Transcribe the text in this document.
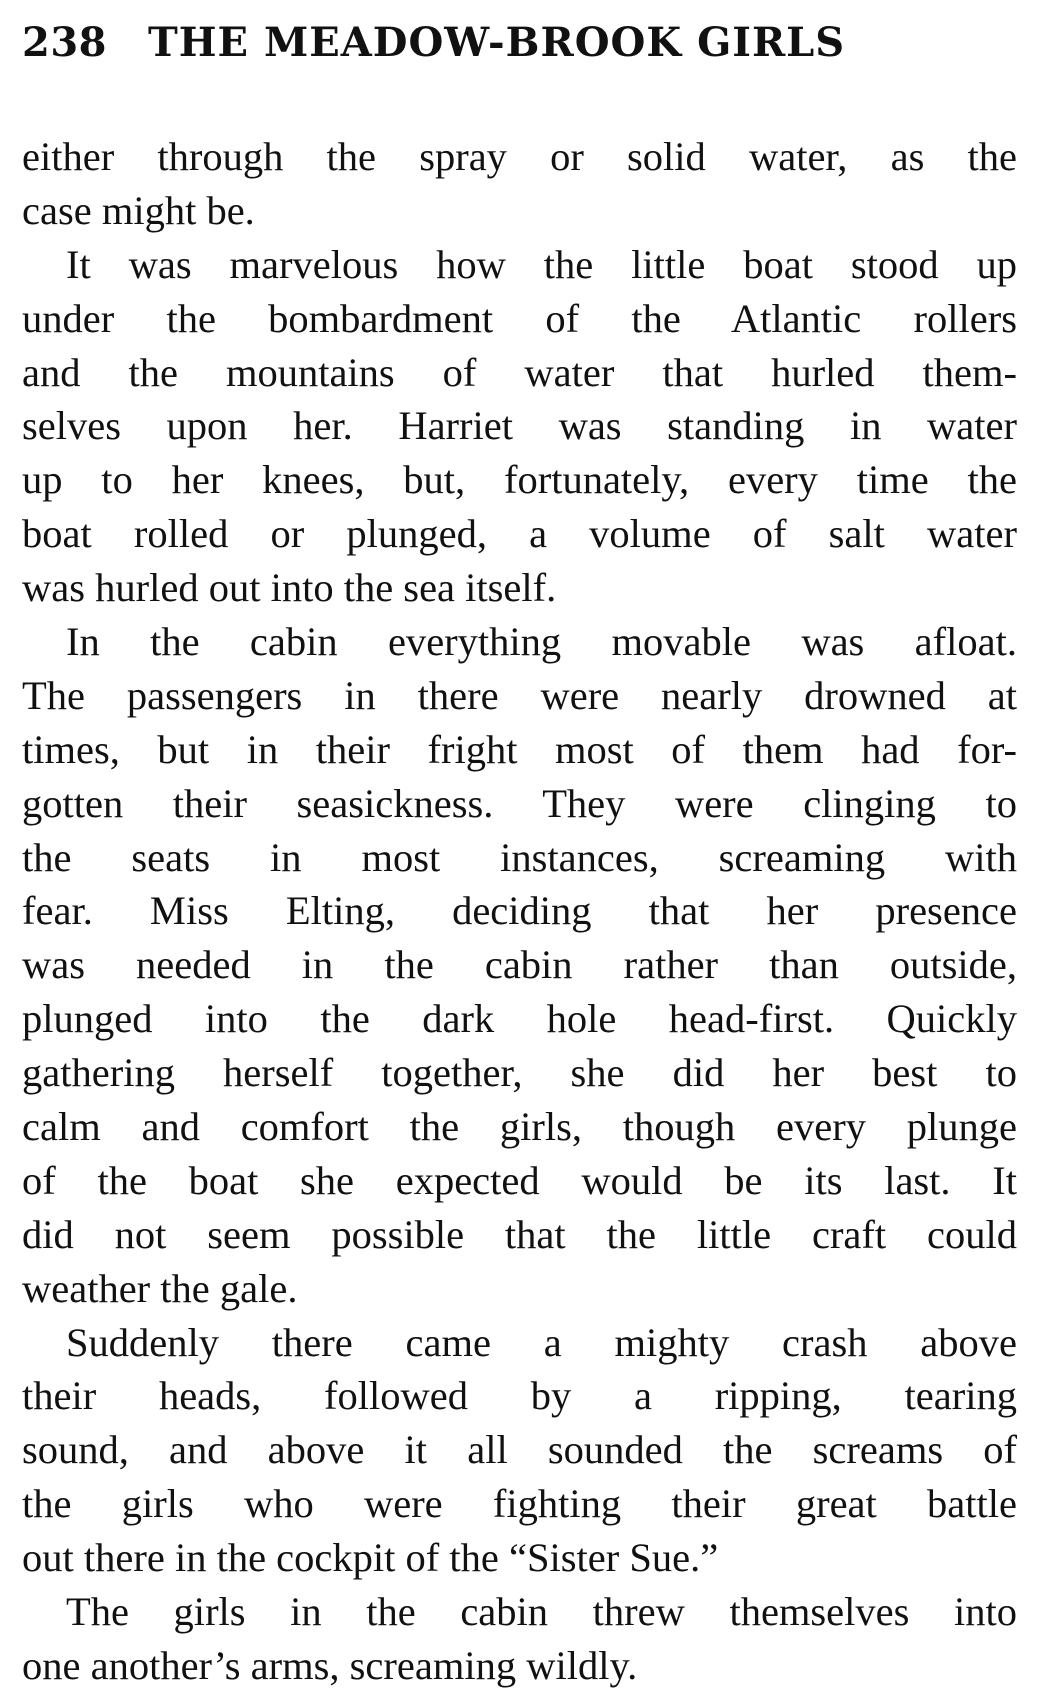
238	THE MEADOW-BROOK GIRLS

either through the spray or solid water, as the
case might be.

It was marvelous how the little boat stood up
under the bombardment of the Atlantic rollers
and the mountains of water that hurled them-
selves upon her. Harriet was standing in water
up to her knees, but, fortunately, every time the
boat rolled or plunged, a volume of salt water
was hurled out into the sea itself.

In the cabin everything movable was afloat.
The passengers in there were nearly drowned at
times, but in their fright most of them had for-
gotten their seasickness. They were clinging to
the seats in most instances, screaming with
fear. Miss Elting, deciding that her presence
was needed in the cabin rather than outside,
plunged into the dark hole head-first. Quickly
gathering herself together, she did her best to
calm and comfort the girls, though every plunge
of the boat she expected would be its last. It
did not seem possible that the little craft could
weather the gale.

Suddenly there came a mighty crash above
their heads, followed by a ripping, tearing
sound, and above it all sounded the screams of
the girls who were fighting their great battle
out there in the cockpit of the “Sister Sue.”

The girls in the cabin threw themselves into
one another’s arms, screaming wildly.
